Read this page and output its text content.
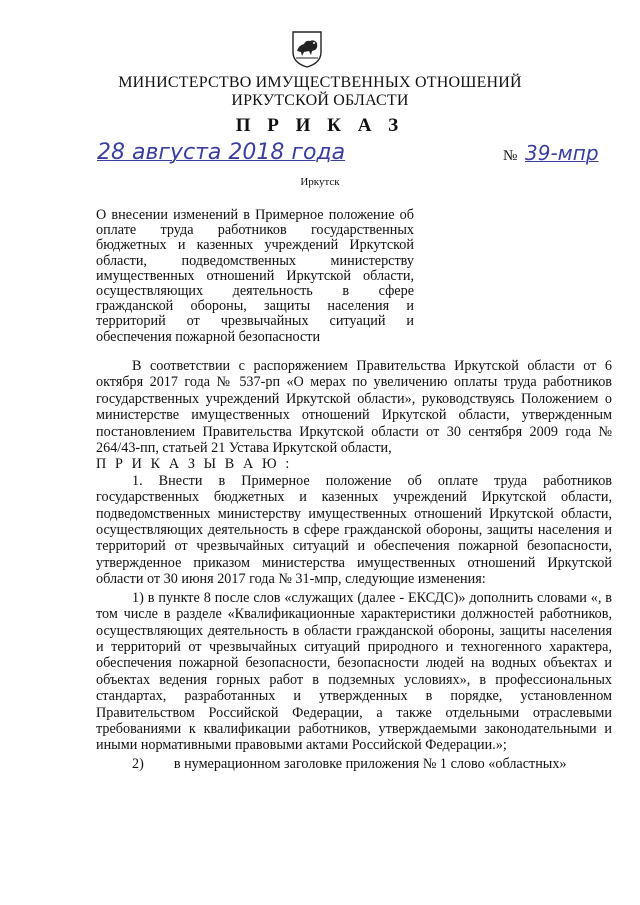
МИНИСТЕРСТВО ИМУЩЕСТВЕННЫХ ОТНОШЕНИЙ
ИРКУТСКОЙ ОБЛАСТИ
П Р И К А З
28 августа 2018 года	№ 39-мпр
Иркутск
О внесении изменений в Примерное положение об оплате труда работников государственных бюджетных и казенных учреждений Иркутской области, подведомственных министерству имущественных отношений Иркутской области, осуществляющих деятельность в сфере гражданской обороны, защиты населения и территорий от чрезвычайных ситуаций и обеспечения пожарной безопасности

В соответствии с распоряжением Правительства Иркутской области от 6 октября 2017 года № 537-рп «О мерах по увеличению оплаты труда работников государственных учреждений Иркутской области», руководствуясь Положением о министерстве имущественных отношений Иркутской области, утвержденным постановлением Правительства Иркутской области от 30 сентября 2009 года № 264/43-пп, статьей 21 Устава Иркутской области,

П Р И К А З Ы В А Ю :

1. Внести в Примерное положение об оплате труда работников государственных бюджетных и казенных учреждений Иркутской области, подведомственных министерству имущественных отношений Иркутской области, осуществляющих деятельность в сфере гражданской обороны, защиты населения и территорий от чрезвычайных ситуаций и обеспечения пожарной безопасности, утвержденное приказом министерства имущественных отношений Иркутской области от 30 июня 2017 года № 31-мпр, следующие изменения:

1) в пункте 8 после слов «служащих (далее - ЕКСДС)» дополнить словами «, в том числе в разделе «Квалификационные характеристики должностей работников, осуществляющих деятельность в области гражданской обороны, защиты населения и территорий от чрезвычайных ситуаций природного и техногенного характера, обеспечения пожарной безопасности, безопасности людей на водных объектах и объектах ведения горных работ в подземных условиях», в профессиональных стандартах, разработанных и утвержденных в порядке, установленном Правительством Российской Федерации, а также отдельными отраслевыми требованиями к квалификации работников, утверждаемыми законодательными и иными нормативными правовыми актами Российской Федерации.»;

2) в нумерационном заголовке приложения № 1 слово «областных»
